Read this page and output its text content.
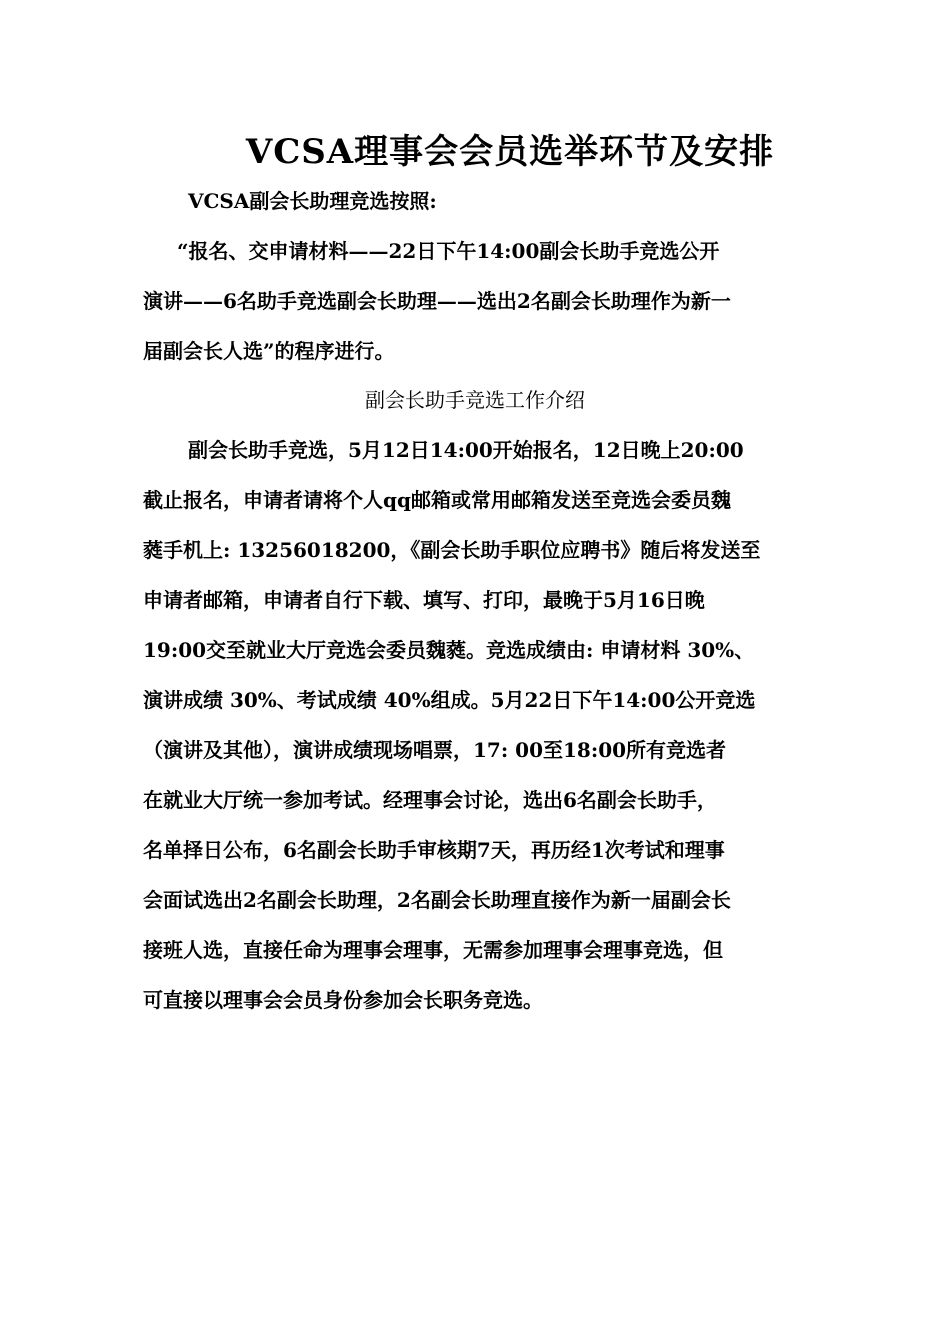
VCSA理事会会员选举环节及安排
VCSA副会长助理竞选按照:
“报名、交申请材料——22日下午14:00副会长助手竞选公开
演讲——6名助手竞选副会长助理——选出2名副会长助理作为新一
届副会长人选”的程序进行。
副会长助手竞选工作介绍
副会长助手竞选，5月12日14:00开始报名，12日晚上20:00
截止报名，申请者请将个人qq邮箱或常用邮箱发送至竞选会委员魏
蕤手机上: 13256018200，《副会长助手职位应聘书》随后将发送至
申请者邮箱，申请者自行下载、填写、打印，最晚于5月16日晚
19:00交至就业大厅竞选会委员魏蕤。竞选成绩由: 申请材料 30%、
演讲成绩 30%、考试成绩 40%组成。5月22日下午14:00公开竞选
（演讲及其他），演讲成绩现场唱票，17: 00至18:00所有竞选者
在就业大厅统一参加考试。经理事会讨论，选出6名副会长助手，
名单择日公布，6名副会长助手审核期7天，再历经1次考试和理事
会面试选出2名副会长助理，2名副会长助理直接作为新一届副会长
接班人选，直接任命为理事会理事，无需参加理事会理事竞选，但
可直接以理事会会员身份参加会长职务竞选。
